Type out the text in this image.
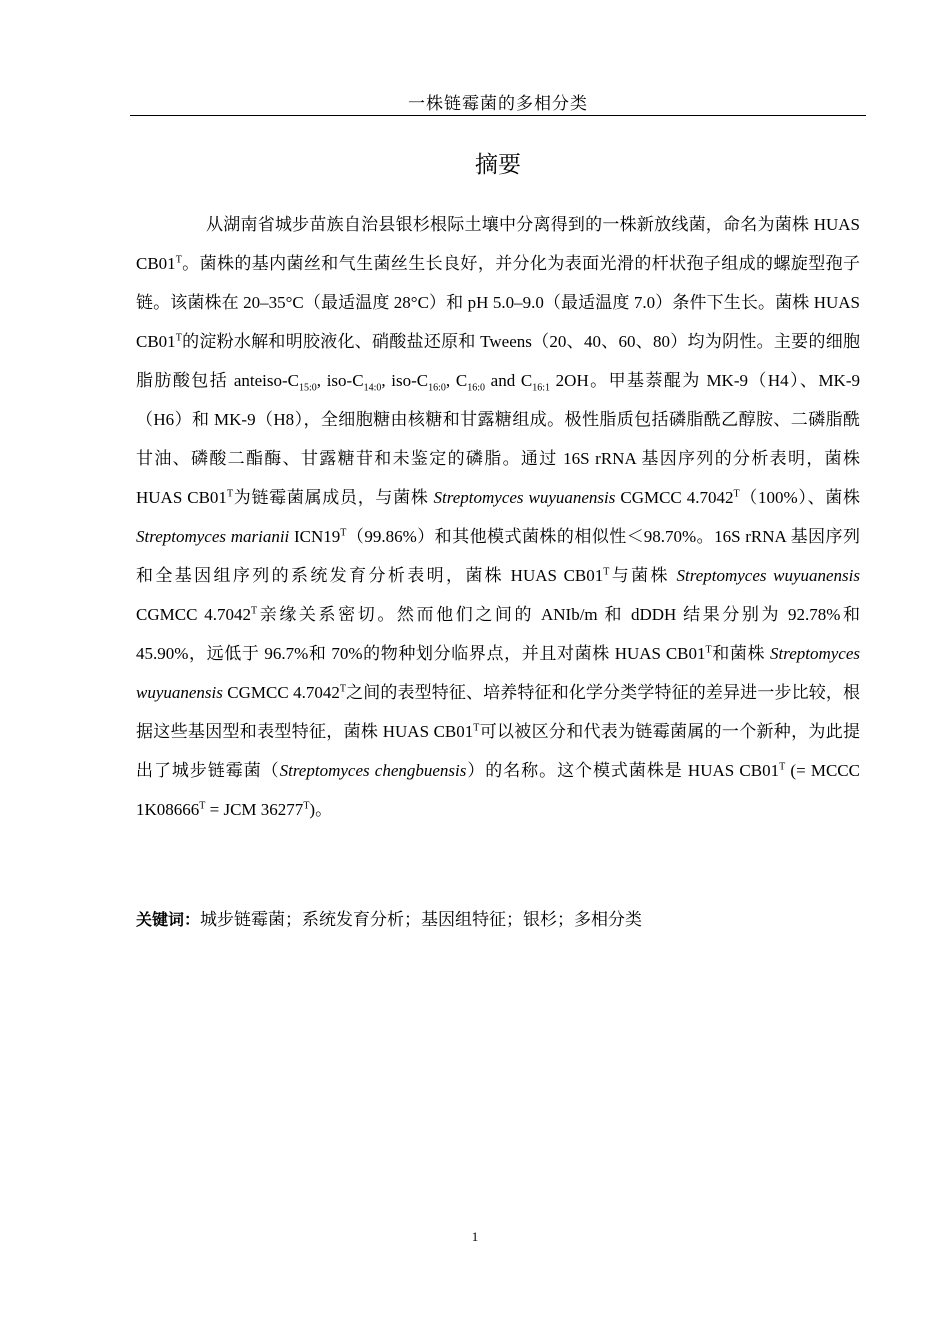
一株链霉菌的多相分类
摘要
从湖南省城步苗族自治县银杉根际土壤中分离得到的一株新放线菌，命名为菌株 HUAS $CB01^T$。菌株的基内菌丝和气生菌丝生长良好，并分化为表面光滑的杆状孢子组成的螺旋型孢子链。该菌株在 20–35°C（最适温度 28°C）和 pH 5.0–9.0（最适温度 7.0）条件下生长。菌株 HUAS $CB01^T$的淀粉水解和明胶液化、硝酸盐还原和 Tweens（20、40、60、80）均为阴性。主要的细胞脂肪酸包括 anteiso-$C_{15:0}$, iso-$C_{14:0}$, iso-$C_{16:0}$, $C_{16:0}$ and $C_{16:1}$ 2OH。甲基萘醌为 MK-9（H4）、MK-9（H6）和 MK-9（H8），全细胞糖由核糖和甘露糖组成。极性脂质包括磷脂酰乙醇胺、二磷脂酰甘油、磷酸二酯酶、甘露糖苷和未鉴定的磷脂。通过 16S rRNA 基因序列的分析表明，菌株 HUAS $CB01^T$为链霉菌属成员，与菌株 Streptomyces wuyuanensis CGMCC $4.7042^T(100\%)$、菌株 Streptomyces marianii $ICN19^T(99.86\%)$和其他模式菌株的相似性＜98.70%。16S rRNA 基因序列和全基因组序列的系统发育分析表明，菌株 HUAS $CB01^T$与菌株 Streptomyces wuyuanensis CGMCC $4.7042^T$亲缘关系密切。然而他们之间的 ANIb/m 和 dDDH 结果分别为 92.78%和 45.90%，远低于 96.7%和 70%的物种划分临界点，并且对菌株 HUAS $CB01^T$和菌株 Streptomyces wuyuanensis CGMCC $4.7042^T$之间的表型特征、培养特征和化学分类学特征的差异进一步比较，根据这些基因型和表型特征，菌株 HUAS $CB01^T$可以被区分和代表为链霉菌属的一个新种，为此提出了城步链霉菌（Streptomyces chengbuensis）的名称。这个模式菌株是 HUAS $CB01^T$ (= MCCC $1K08666^T$ = JCM $36277^T$)。
关键词：城步链霉菌；系统发育分析；基因组特征；银杉；多相分类
1
